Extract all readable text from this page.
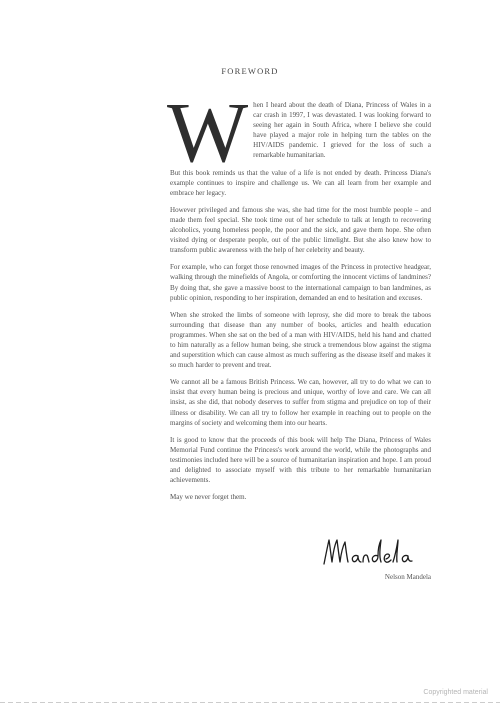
FOREWORD

When I heard about the death of Diana, Princess of Wales in a car crash in 1997, I was devastated. I was looking forward to seeing her again in South Africa, where I believe she could have played a major role in helping turn the tables on the HIV/AIDS pandemic. I grieved for the loss of such a remarkable humanitarian.

But this book reminds us that the value of a life is not ended by death. Princess Diana's example continues to inspire and challenge us. We can all learn from her example and embrace her legacy.

However privileged and famous she was, she had time for the most humble people – and made them feel special. She took time out of her schedule to talk at length to recovering alcoholics, young homeless people, the poor and the sick, and gave them hope. She often visited dying or desperate people, out of the public limelight. But she also knew how to transform public awareness with the help of her celebrity and beauty.

For example, who can forget those renowned images of the Princess in protective headgear, walking through the minefields of Angola, or comforting the innocent victims of landmines? By doing that, she gave a massive boost to the international campaign to ban landmines, as public opinion, responding to her inspiration, demanded an end to hesitation and excuses.

When she stroked the limbs of someone with leprosy, she did more to break the taboos surrounding that disease than any number of books, articles and health education programmes. When she sat on the bed of a man with HIV/AIDS, held his hand and chatted to him naturally as a fellow human being, she struck a tremendous blow against the stigma and superstition which can cause almost as much suffering as the disease itself and makes it so much harder to prevent and treat.

We cannot all be a famous British Princess. We can, however, all try to do what we can to insist that every human being is precious and unique, worthy of love and care. We can all insist, as she did, that nobody deserves to suffer from stigma and prejudice on top of their illness or disability. We can all try to follow her example in reaching out to people on the margins of society and welcoming them into our hearts.

It is good to know that the proceeds of this book will help The Diana, Princess of Wales Memorial Fund continue the Princess's work around the world, while the photographs and testimonies included here will be a source of humanitarian inspiration and hope. I am proud and delighted to associate myself with this tribute to her remarkable humanitarian achievements.

May we never forget them.

Nelson Mandela
Copyrighted material
